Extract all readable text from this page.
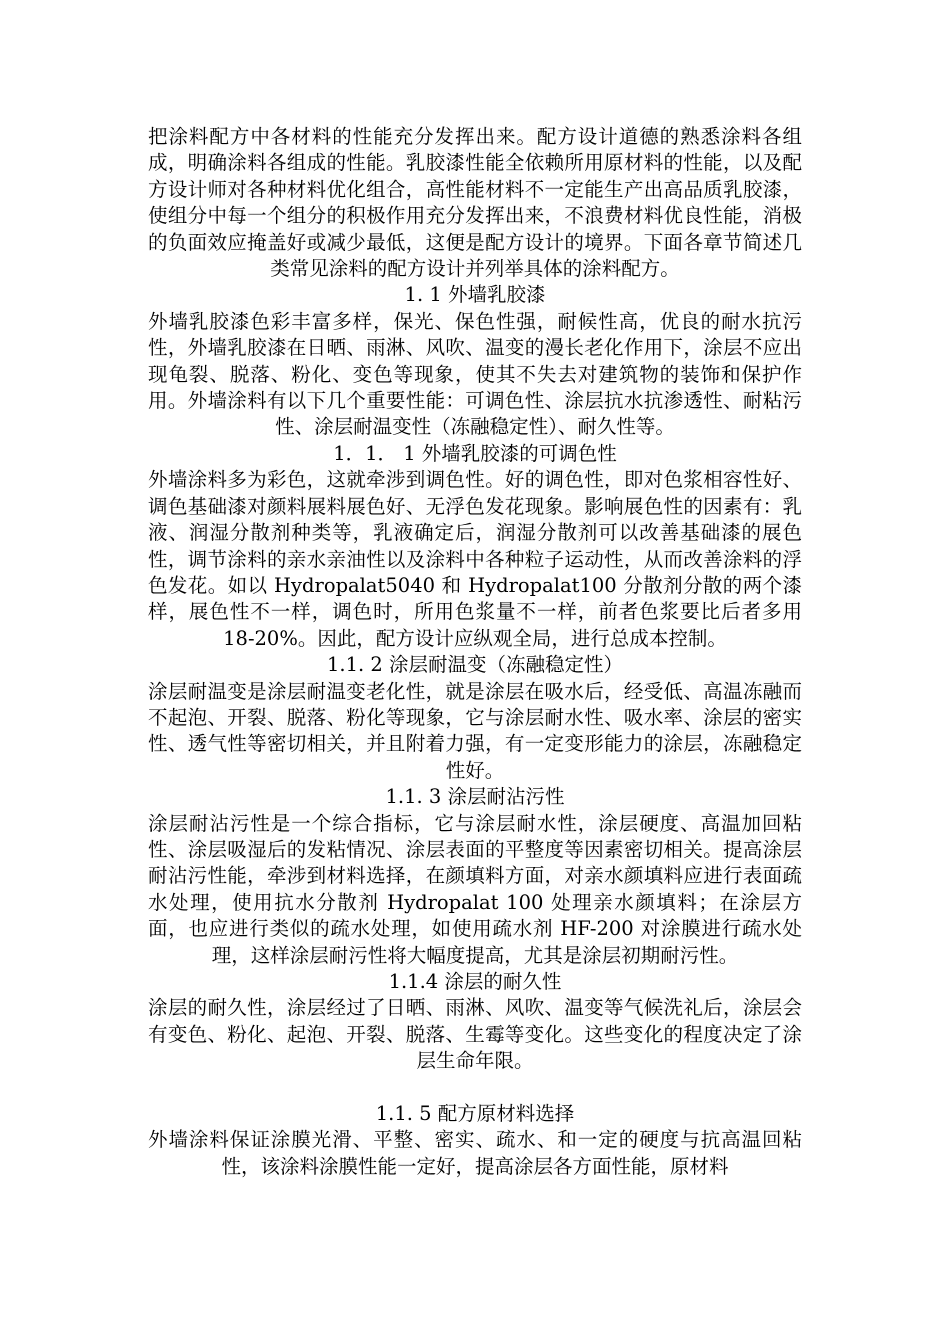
把涂料配方中各材料的性能充分发挥出来。配方设计道德的熟悉涂料各组成，明确涂料各组成的性能。乳胶漆性能全依赖所用原材料的性能，以及配方设计师对各种材料优化组合，高性能材料不一定能生产出高品质乳胶漆，使组分中每一个组分的积极作用充分发挥出来，不浪费材料优良性能，消极的负面效应掩盖好或减少最低，这便是配方设计的境界。下面各章节简述几类常见涂料的配方设计并列举具体的涂料配方。

1. 1 外墙乳胶漆

外墙乳胶漆色彩丰富多样，保光、保色性强，耐候性高，优良的耐水抗污性，外墙乳胶漆在日晒、雨淋、风吹、温变的漫长老化作用下，涂层不应出现龟裂、脱落、粉化、变色等现象，使其不失去对建筑物的装饰和保护作用。外墙涂料有以下几个重要性能：可调色性、涂层抗水抗渗透性、耐粘污性、涂层耐温变性（冻融稳定性）、耐久性等。

1．1． 1 外墙乳胶漆的可调色性

外墙涂料多为彩色，这就牵涉到调色性。好的调色性，即对色浆相容性好、调色基础漆对颜料展料展色好、无浮色发花现象。影响展色性的因素有：乳液、润湿分散剂种类等，乳液确定后，润湿分散剂可以改善基础漆的展色性，调节涂料的亲水亲油性以及涂料中各种粒子运动性，从而改善涂料的浮色发花。如以 Hydropalat5040 和 Hydropalat100 分散剂分散的两个漆样，展色性不一样，调色时，所用色浆量不一样，前者色浆要比后者多用 18-20%。因此，配方设计应纵观全局，进行总成本控制。

1.1. 2 涂层耐温变（冻融稳定性）

涂层耐温变是涂层耐温变老化性，就是涂层在吸水后，经受低、高温冻融而不起泡、开裂、脱落、粉化等现象，它与涂层耐水性、吸水率、涂层的密实性、透气性等密切相关，并且附着力强，有一定变形能力的涂层，冻融稳定性好。

1.1. 3 涂层耐沾污性

涂层耐沾污性是一个综合指标，它与涂层耐水性，涂层硬度、高温加回粘性、涂层吸湿后的发粘情况、涂层表面的平整度等因素密切相关。提高涂层耐沾污性能，牵涉到材料选择，在颜填料方面，对亲水颜填料应进行表面疏水处理，使用抗水分散剂 Hydropalat 100 处理亲水颜填料；在涂层方面，也应进行类似的疏水处理，如使用疏水剂 HF-200 对涂膜进行疏水处理，这样涂层耐污性将大幅度提高，尤其是涂层初期耐污性。

1.1.4 涂层的耐久性

涂层的耐久性，涂层经过了日晒、雨淋、风吹、温变等气候洗礼后，涂层会有变色、粉化、起泡、开裂、脱落、生霉等变化。这些变化的程度决定了涂层生命年限。

1.1. 5 配方原材料选择

外墙涂料保证涂膜光滑、平整、密实、疏水、和一定的硬度与抗高温回粘性，该涂料涂膜性能一定好，提高涂层各方面性能，原材料
